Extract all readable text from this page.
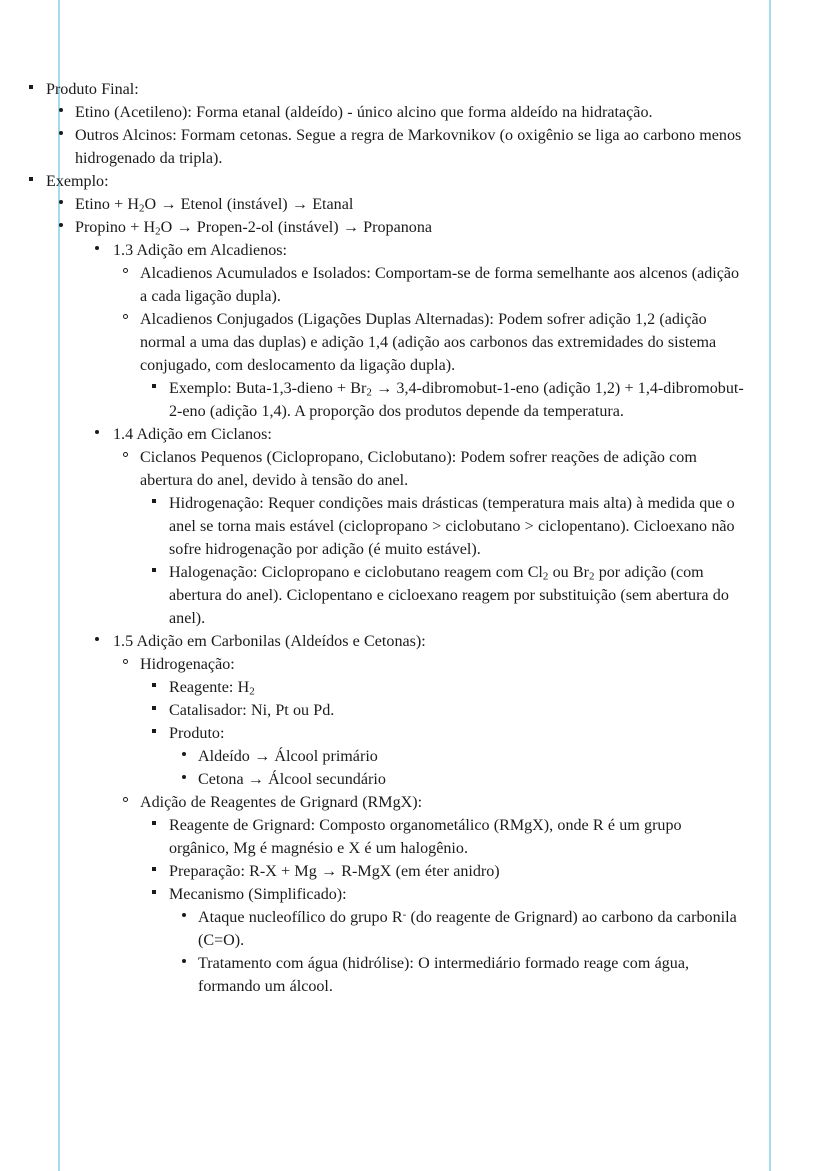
Produto Final:
Etino (Acetileno): Forma etanal (aldeído) - único alcino que forma aldeído na hidratação.
Outros Alcinos: Formam cetonas. Segue a regra de Markovnikov (o oxigênio se liga ao carbono menos hidrogenado da tripla).
Exemplo:
Etino + $H_2O$ → Etenol (instável) → Etanal
Propino + $H_2O$ → Propen-2-ol (instável) → Propanona
1.3 Adição em Alcadienos:
Alcadienos Acumulados e Isolados: Comportam-se de forma semelhante aos alcenos (adição a cada ligação dupla).
Alcadienos Conjugados (Ligações Duplas Alternadas): Podem sofrer adição 1,2 (adição normal a uma das duplas) e adição 1,4 (adição aos carbonos das extremidades do sistema conjugado, com deslocamento da ligação dupla).
Exemplo: Buta-1,3-dieno + $Br_2$ → 3,4-dibromobut-1-eno (adição 1,2) + 1,4-dibromobut-2-eno (adição 1,4). A proporção dos produtos depende da temperatura.
1.4 Adição em Ciclanos:
Ciclanos Pequenos (Ciclopropano, Ciclobutano): Podem sofrer reações de adição com abertura do anel, devido à tensão do anel.
Hidrogenação: Requer condições mais drásticas (temperatura mais alta) à medida que o anel se torna mais estável (ciclopropano > ciclobutano > ciclopentano). Cicloexano não sofre hidrogenação por adição (é muito estável).
Halogenação: Ciclopropano e ciclobutano reagem com $Cl_2$ ou $Br_2$ por adição (com abertura do anel). Ciclopentano e cicloexano reagem por substituição (sem abertura do anel).
1.5 Adição em Carbonilas (Aldeídos e Cetonas):
Hidrogenação:
Reagente: $H_2$
Catalisador: Ni, Pt ou Pd.
Produto:
Aldeído → Álcool primário
Cetona → Álcool secundário
Adição de Reagentes de Grignard (RMgX):
Reagente de Grignard: Composto organometálico (RMgX), onde R é um grupo orgânico, Mg é magnésio e X é um halogênio.
Preparação: R-X + Mg → R-MgX (em éter anidro)
Mecanismo (Simplificado):
Ataque nucleofílico do grupo R- (do reagente de Grignard) ao carbono da carbonila (C=O).
Tratamento com água (hidrólise): O intermediário formado reage com água, formando um álcool.
